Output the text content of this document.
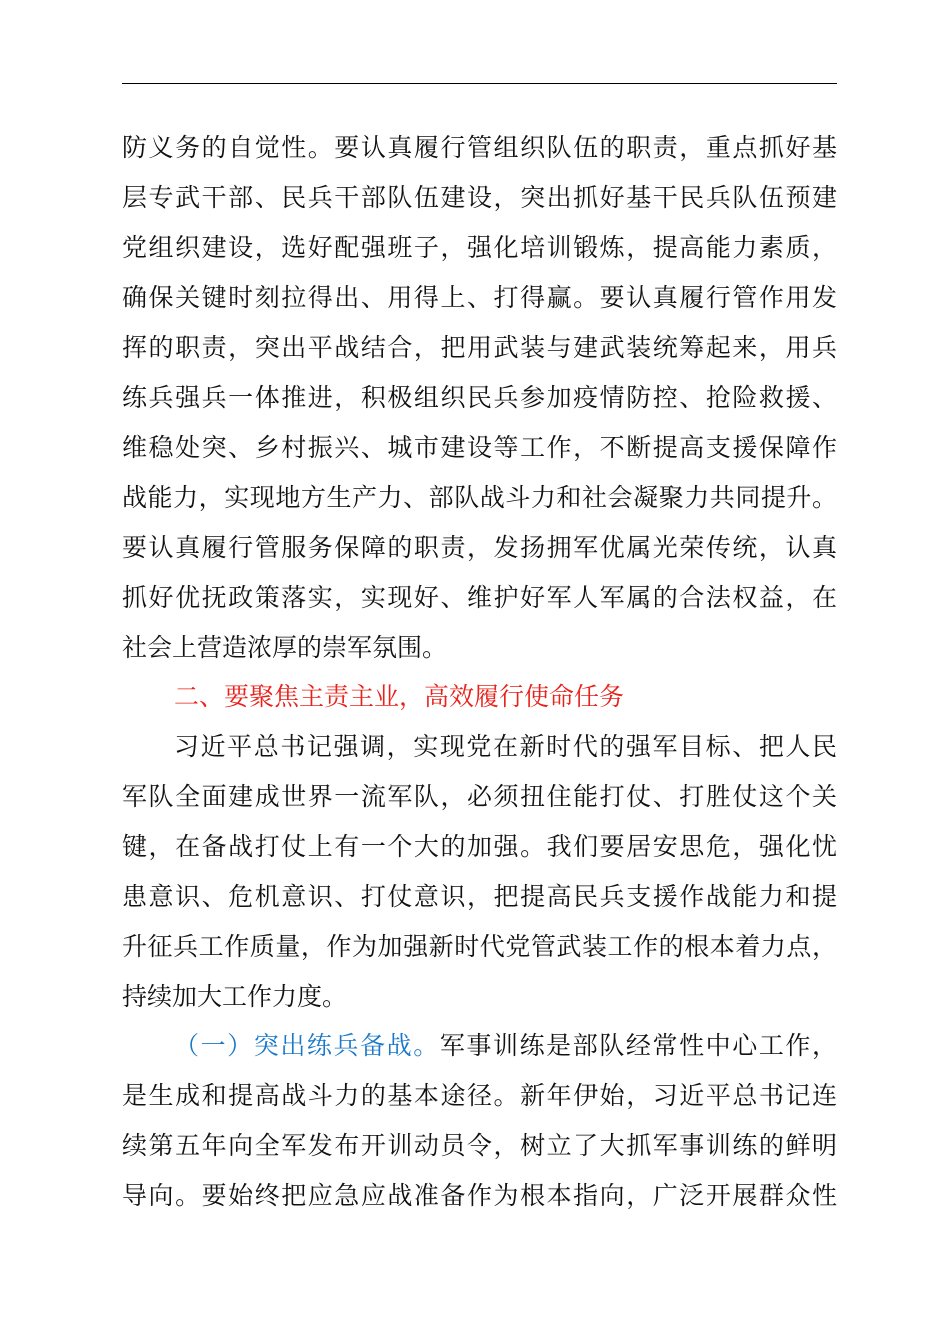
防义务的自觉性。要认真履行管组织队伍的职责，重点抓好基
层专武干部、民兵干部队伍建设，突出抓好基干民兵队伍预建
党组织建设，选好配强班子，强化培训锻炼，提高能力素质，
确保关键时刻拉得出、用得上、打得赢。要认真履行管作用发
挥的职责，突出平战结合，把用武装与建武装统筹起来，用兵
练兵强兵一体推进，积极组织民兵参加疫情防控、抢险救援、
维稳处突、乡村振兴、城市建设等工作，不断提高支援保障作
战能力，实现地方生产力、部队战斗力和社会凝聚力共同提升。
要认真履行管服务保障的职责，发扬拥军优属光荣传统，认真
抓好优抚政策落实，实现好、维护好军人军属的合法权益，在
社会上营造浓厚的崇军氛围。
二、要聚焦主责主业，高效履行使命任务
习近平总书记强调，实现党在新时代的强军目标、把人民
军队全面建成世界一流军队，必须扭住能打仗、打胜仗这个关
键，在备战打仗上有一个大的加强。我们要居安思危，强化忧
患意识、危机意识、打仗意识，把提高民兵支援作战能力和提
升征兵工作质量，作为加强新时代党管武装工作的根本着力点，
持续加大工作力度。
（一）突出练兵备战。军事训练是部队经常性中心工作，
是生成和提高战斗力的基本途径。新年伊始，习近平总书记连
续第五年向全军发布开训动员令，树立了大抓军事训练的鲜明
导向。要始终把应急应战准备作为根本指向，广泛开展群众性
